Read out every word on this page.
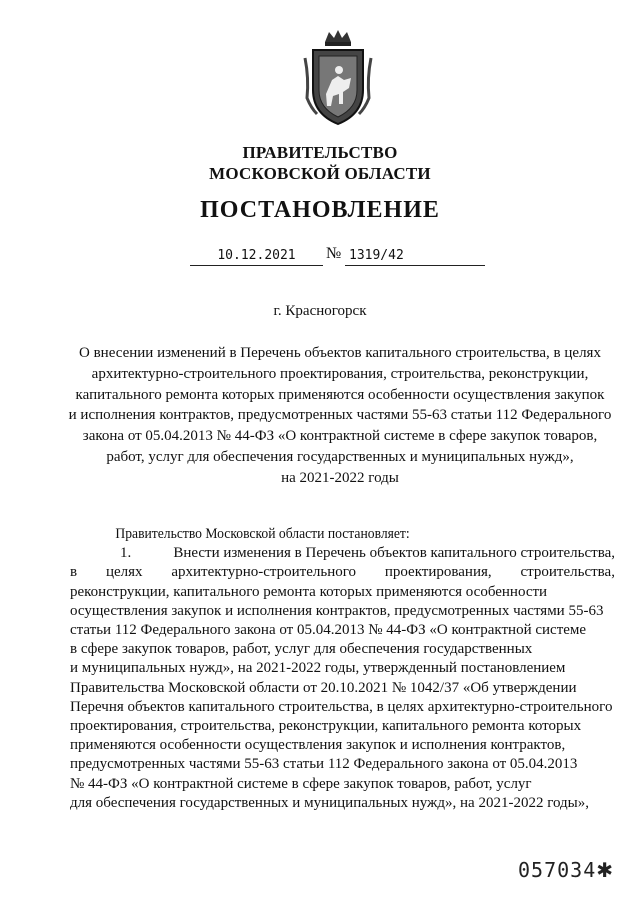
ПРАВИТЕЛЬСТВО
МОСКОВСКОЙ ОБЛАСТИ
ПОСТАНОВЛЕНИЕ
10.12.2021	№ 1319/42
г. Красногорск
О внесении изменений в Перечень объектов капитального строительства, в целях
архитектурно-строительного проектирования, строительства, реконструкции,
капитального ремонта которых применяются особенности осуществления закупок
и исполнения контрактов, предусмотренных частями 55-63 статьи 112 Федерального
закона от 05.04.2013 № 44-ФЗ «О контрактной системе в сфере закупок товаров,
работ, услуг для обеспечения государственных и муниципальных нужд»,
на 2021-2022 годы
Правительство Московской области постановляет:
1.	Внести изменения в Перечень объектов капитального строительства,
в целях архитектурно-строительного проектирования, строительства,
реконструкции, капитального ремонта которых применяются особенности
осуществления закупок и исполнения контрактов, предусмотренных частями 55-63
статьи 112 Федерального закона от 05.04.2013 № 44-ФЗ «О контрактной системе
в сфере закупок товаров, работ, услуг для обеспечения государственных
и муниципальных нужд», на 2021-2022 годы, утвержденный постановлением
Правительства Московской области от 20.10.2021 № 1042/37 «Об утверждении
Перечня объектов капитального строительства, в целях архитектурно-строительного
проектирования, строительства, реконструкции, капитального ремонта которых
применяются особенности осуществления закупок и исполнения контрактов,
предусмотренных частями 55-63 статьи 112 Федерального закона от 05.04.2013
№ 44-ФЗ «О контрактной системе в сфере закупок товаров, работ, услуг
для обеспечения государственных и муниципальных нужд», на 2021-2022 годы»,
057034✱
